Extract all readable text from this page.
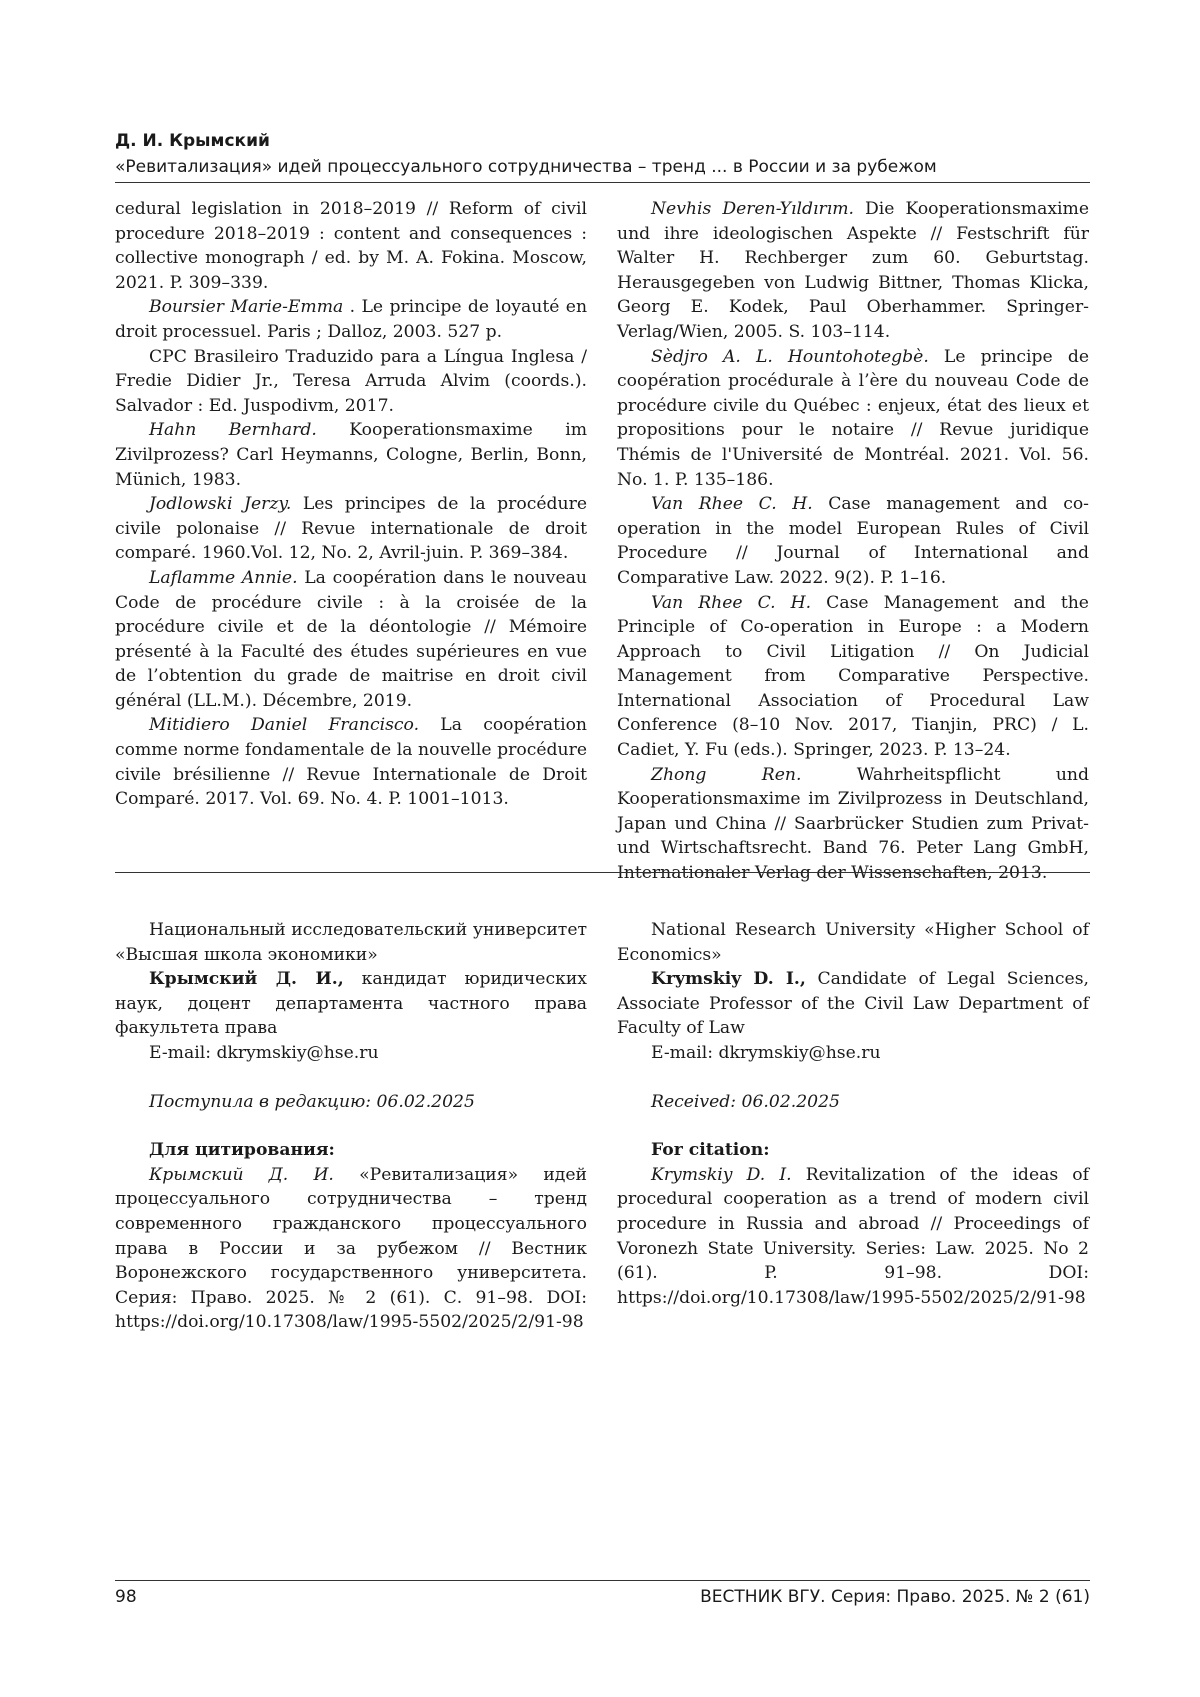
Д. И. Крымский
«Ревитализация» идей процессуального сотрудничества – тренд ... в России и за рубежом

cedural legislation in 2018–2019 // Reform of civil procedure 2018–2019 : content and consequences : collective monograph / ed. by M. A. Fokina. Moscow, 2021. P. 309–339.

Boursier Marie-Emma . Le principe de loyauté en droit processuel. Paris ; Dalloz, 2003. 527 p.

CPC Brasileiro Traduzido para a Língua Inglesa / Fredie Didier Jr., Teresa Arruda Alvim (coords.). Salvador : Ed. Juspodivm, 2017.

Hahn Bernhard. Kooperationsmaxime im Zivilprozess? Carl Heymanns, Cologne, Berlin, Bonn, Münich, 1983.

Jodlowski Jerzy. Les principes de la procédure civile polonaise // Revue internationale de droit comparé. 1960.Vol. 12, No. 2, Avril-juin. P. 369–384.

Laflamme Annie. La coopération dans le nouveau Code de procédure civile : à la croisée de la procédure civile et de la déontologie // Mémoire présenté à la Faculté des études supérieures en vue de l’obtention du grade de maitrise en droit civil général (LL.M.). Décembre, 2019.

Mitidiero Daniel Francisco. La coopération comme norme fondamentale de la nouvelle procédure civile brésilienne // Revue Internationale de Droit Comparé. 2017. Vol. 69. No. 4. P. 1001–1013.

Nevhis Deren-Yıldırım. Die Kooperationsmaxime und ihre ideologischen Aspekte // Festschrift für Walter H. Rechberger zum 60. Geburtstag. Herausgegeben von Ludwig Bittner, Thomas Klicka, Georg E. Kodek, Paul Oberhammer. Springer-Verlag/Wien, 2005. S. 103–114.

Sèdjro A. L. Hountohotegbè. Le principe de coopération procédurale à l’ère du nouveau Code de procédure civile du Québec : enjeux, état des lieux et propositions pour le notaire // Revue juridique Thémis de l'Université de Montréal. 2021. Vol. 56. No. 1. P. 135–186.

Van Rhee C. H. Case management and co-operation in the model European Rules of Civil Procedure // Journal of International and Comparative Law. 2022. 9(2). P. 1–16.

Van Rhee C. H. Case Management and the Principle of Co-operation in Europe : a Modern Approach to Civil Litigation // On Judicial Management from Comparative Perspective. International Association of Procedural Law Conference (8–10 Nov. 2017, Tianjin, PRC) / L. Cadiet, Y. Fu (eds.). Springer, 2023. P. 13–24.

Zhong Ren. Wahrheitspflicht und Kooperationsmaxime im Zivilprozess in Deutschland, Japan und China // Saarbrücker Studien zum Privat- und Wirtschaftsrecht. Band 76. Peter Lang GmbH, Internationaler Verlag der Wissenschaften, 2013.

Национальный исследовательский университет «Высшая школа экономики»

Крымский Д. И., кандидат юридических наук, доцент департамента частного права факультета права

E-mail: dkrymskiy@hse.ru

Поступила в редакцию: 06.02.2025

Для цитирования:

Крымский Д. И. «Ревитализация» идей процессуального сотрудничества – тренд современного гражданского процессуального права в России и за рубежом // Вестник Воронежского государственного университета. Серия: Право. 2025. № 2 (61). С. 91–98. DOI: https://doi.org/10.17308/law/1995-5502/2025/2/91-98

National Research University «Higher School of Economics»

Krymskiy D. I., Candidate of Legal Sciences, Associate Professor of the Civil Law Department of Faculty of Law

E-mail: dkrymskiy@hse.ru

Received: 06.02.2025

For citation:

Krymskiy D. I. Revitalization of the ideas of procedural cooperation as a trend of modern civil procedure in Russia and abroad // Proceedings of Voronezh State University. Series: Law. 2025. No 2 (61). P. 91–98. DOI: https://doi.org/10.17308/law/1995-5502/2025/2/91-98

98	ВЕСТНИК ВГУ. Серия: Право. 2025. № 2 (61)
